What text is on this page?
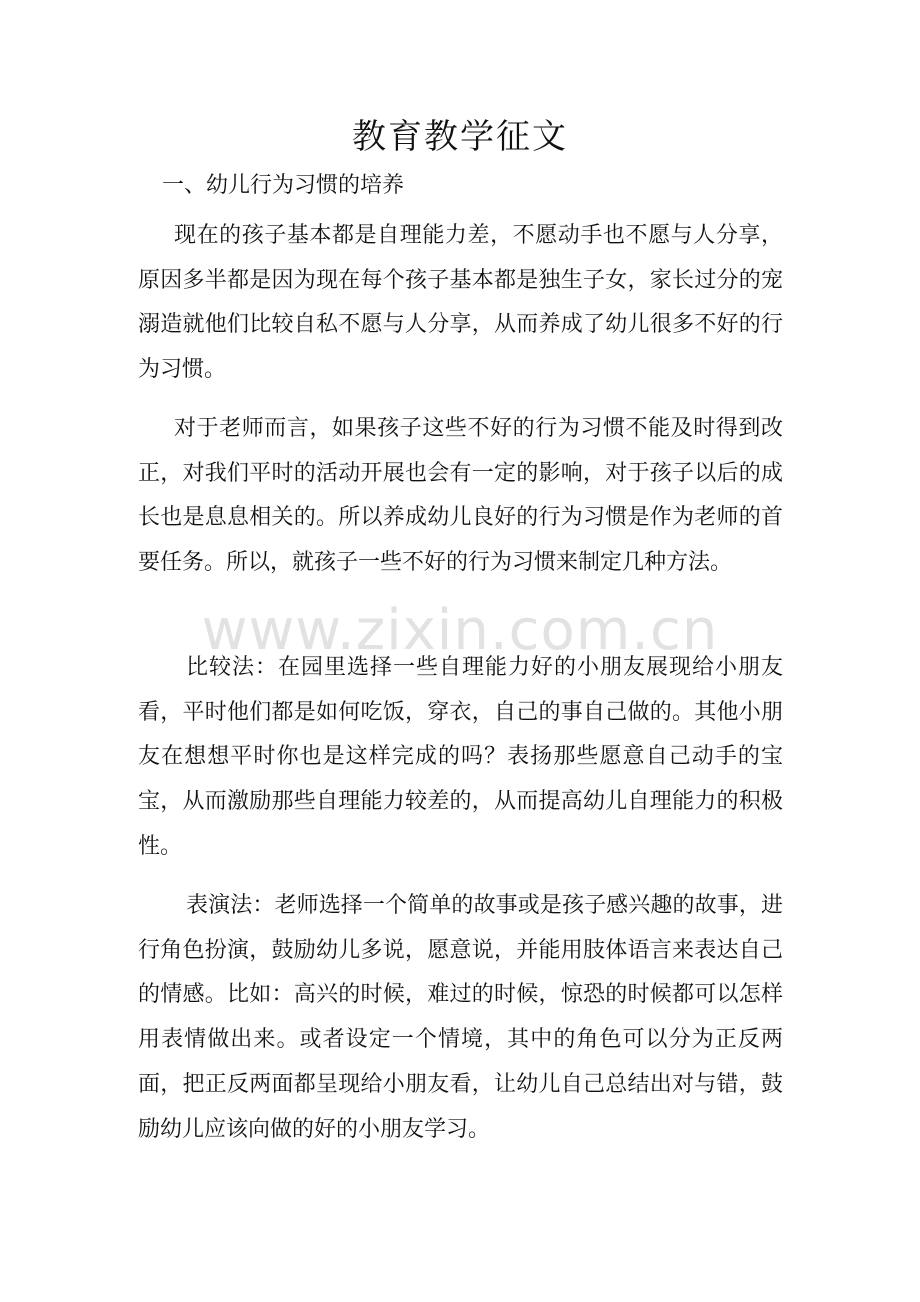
教育教学征文
一、幼儿行为习惯的培养

现在的孩子基本都是自理能力差，不愿动手也不愿与人分享，原因多半都是因为现在每个孩子基本都是独生子女，家长过分的宠溺造就他们比较自私不愿与人分享，从而养成了幼儿很多不好的行为习惯。

对于老师而言，如果孩子这些不好的行为习惯不能及时得到改正，对我们平时的活动开展也会有一定的影响，对于孩子以后的成长也是息息相关的。所以养成幼儿良好的行为习惯是作为老师的首要任务。所以，就孩子一些不好的行为习惯来制定几种方法。

比较法：在园里选择一些自理能力好的小朋友展现给小朋友看，平时他们都是如何吃饭，穿衣，自己的事自己做的。其他小朋友在想想平时你也是这样完成的吗？表扬那些愿意自己动手的宝宝，从而激励那些自理能力较差的，从而提高幼儿自理能力的积极性。

表演法：老师选择一个简单的故事或是孩子感兴趣的故事，进行角色扮演，鼓励幼儿多说，愿意说，并能用肢体语言来表达自己的情感。比如：高兴的时候，难过的时候，惊恐的时候都可以怎样用表情做出来。或者设定一个情境，其中的角色可以分为正反两面，把正反两面都呈现给小朋友看，让幼儿自己总结出对与错，鼓励幼儿应该向做的好的小朋友学习。

www.zixin.com.cn
